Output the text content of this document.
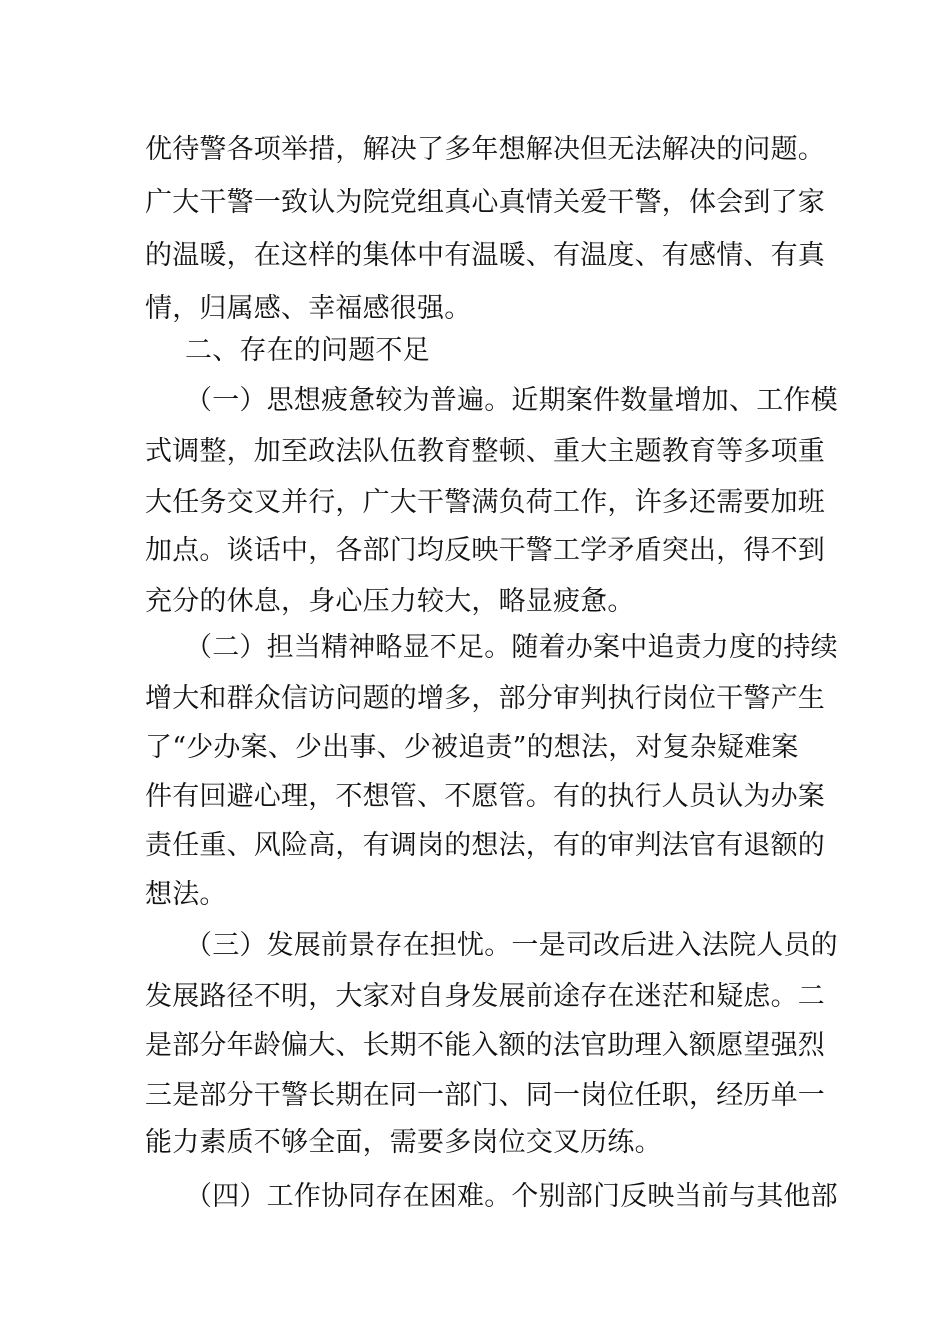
优待警各项举措，解决了多年想解决但无法解决的问题。
广大干警一致认为院党组真心真情关爱干警，体会到了家
的温暖，在这样的集体中有温暖、有温度、有感情、有真
情，归属感、幸福感很强。
二、存在的问题不足
（一）思想疲惫较为普遍。近期案件数量增加、工作模
式调整，加至政法队伍教育整顿、重大主题教育等多项重
大任务交叉并行，广大干警满负荷工作，许多还需要加班
加点。谈话中，各部门均反映干警工学矛盾突出，得不到
充分的休息，身心压力较大，略显疲惫。
（二）担当精神略显不足。随着办案中追责力度的持续
增大和群众信访问题的增多，部分审判执行岗位干警产生
了“少办案、少出事、少被追责”的想法，对复杂疑难案
件有回避心理，不想管、不愿管。有的执行人员认为办案
责任重、风险高，有调岗的想法，有的审判法官有退额的
想法。
（三）发展前景存在担忧。一是司改后进入法院人员的
发展路径不明，大家对自身发展前途存在迷茫和疑虑。二
是部分年龄偏大、长期不能入额的法官助理入额愿望强烈
三是部分干警长期在同一部门、同一岗位任职，经历单一
能力素质不够全面，需要多岗位交叉历练。
（四）工作协同存在困难。个别部门反映当前与其他部
